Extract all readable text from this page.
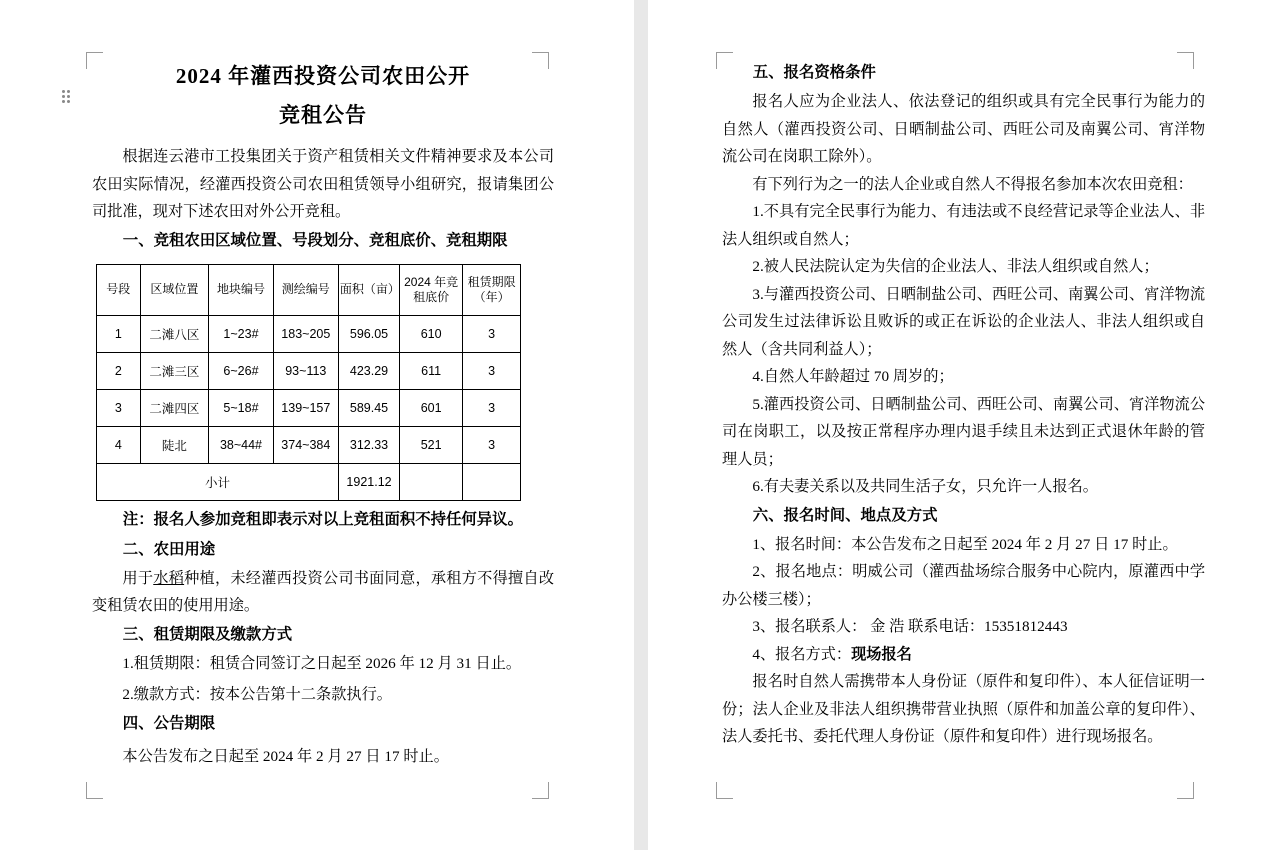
2024 年灌西投资公司农田公开
竞租公告

根据连云港市工投集团关于资产租赁相关文件精神要求及本公司农田实际情况，经灌西投资公司农田租赁领导小组研究，报请集团公司批准，现对下述农田对外公开竞租。

一、竞租农田区域位置、号段划分、竞租底价、竞租期限

号段	区域位置	地块编号	测绘编号	面积（亩）	2024 年竞租底价	租赁期限（年）
1	二滩八区	1~23#	183~205	596.05	610	3
2	二滩三区	6~26#	93~113	423.29	611	3
3	二滩四区	5~18#	139~157	589.45	601	3
4	陡北	38~44#	374~384	312.33	521	3
小计				1921.12		

注：报名人参加竞租即表示对以上竞租面积不持任何异议。

二、农田用途

用于水稻种植，未经灌西投资公司书面同意，承租方不得擅自改变租赁农田的使用用途。

三、租赁期限及缴款方式

1.租赁期限：租赁合同签订之日起至 2026 年 12 月 31 日止。

2.缴款方式：按本公告第十二条款执行。

四、公告期限

本公告发布之日起至 2024 年 2 月 27 日 17 时止。

五、报名资格条件

报名人应为企业法人、依法登记的组织或具有完全民事行为能力的自然人（灌西投资公司、日晒制盐公司、西旺公司及南翼公司、宵洋物流公司在岗职工除外）。

有下列行为之一的法人企业或自然人不得报名参加本次农田竞租：

1.不具有完全民事行为能力、有违法或不良经营记录等企业法人、非法人组织或自然人；

2.被人民法院认定为失信的企业法人、非法人组织或自然人；

3.与灌西投资公司、日晒制盐公司、西旺公司、南翼公司、宵洋物流公司发生过法律诉讼且败诉的或正在诉讼的企业法人、非法人组织或自然人（含共同利益人）；

4.自然人年龄超过 70 周岁的；

5.灌西投资公司、日晒制盐公司、西旺公司、南翼公司、宵洋物流公司在岗职工，以及按正常程序办理内退手续且未达到正式退休年龄的管理人员；

6.有夫妻关系以及共同生活子女，只允许一人报名。

六、报名时间、地点及方式

1、报名时间：本公告发布之日起至 2024 年 2 月 27 日 17 时止。

2、报名地点：明威公司（灌西盐场综合服务中心院内，原灌西中学办公楼三楼）；

3、报名联系人： 金 浩 联系电话：15351812443

4、报名方式：现场报名

报名时自然人需携带本人身份证（原件和复印件）、本人征信证明一份；法人企业及非法人组织携带营业执照（原件和加盖公章的复印件）、法人委托书、委托代理人身份证（原件和复印件）进行现场报名。
